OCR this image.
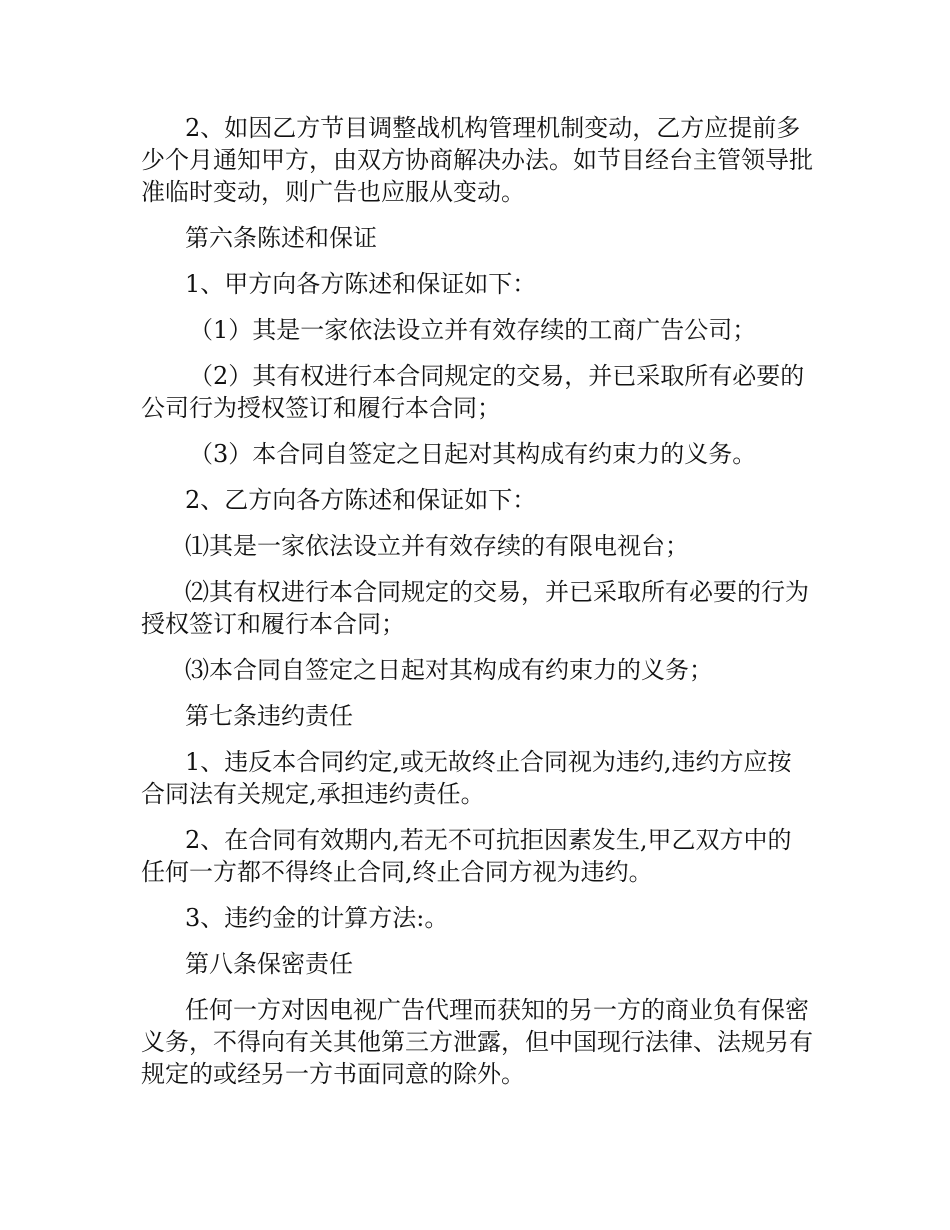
2、如因乙方节目调整战机构管理机制变动，乙方应提前多少个月通知甲方，由双方协商解决办法。如节目经台主管领导批准临时变动，则广告也应服从变动。

第六条陈述和保证

1、甲方向各方陈述和保证如下：

（1）其是一家依法设立并有效存续的工商广告公司；

（2）其有权进行本合同规定的交易，并已采取所有必要的公司行为授权签订和履行本合同；

（3）本合同自签定之日起对其构成有约束力的义务。

2、乙方向各方陈述和保证如下：

⑴其是一家依法设立并有效存续的有限电视台；

⑵其有权进行本合同规定的交易，并已采取所有必要的行为授权签订和履行本合同；

⑶本合同自签定之日起对其构成有约束力的义务；

第七条违约责任

1、违反本合同约定,或无故终止合同视为违约,违约方应按合同法有关规定,承担违约责任。

2、在合同有效期内,若无不可抗拒因素发生,甲乙双方中的任何一方都不得终止合同,终止合同方视为违约。

3、违约金的计算方法:。

第八条保密责任

任何一方对因电视广告代理而获知的另一方的商业负有保密义务，不得向有关其他第三方泄露，但中国现行法律、法规另有规定的或经另一方书面同意的除外。
